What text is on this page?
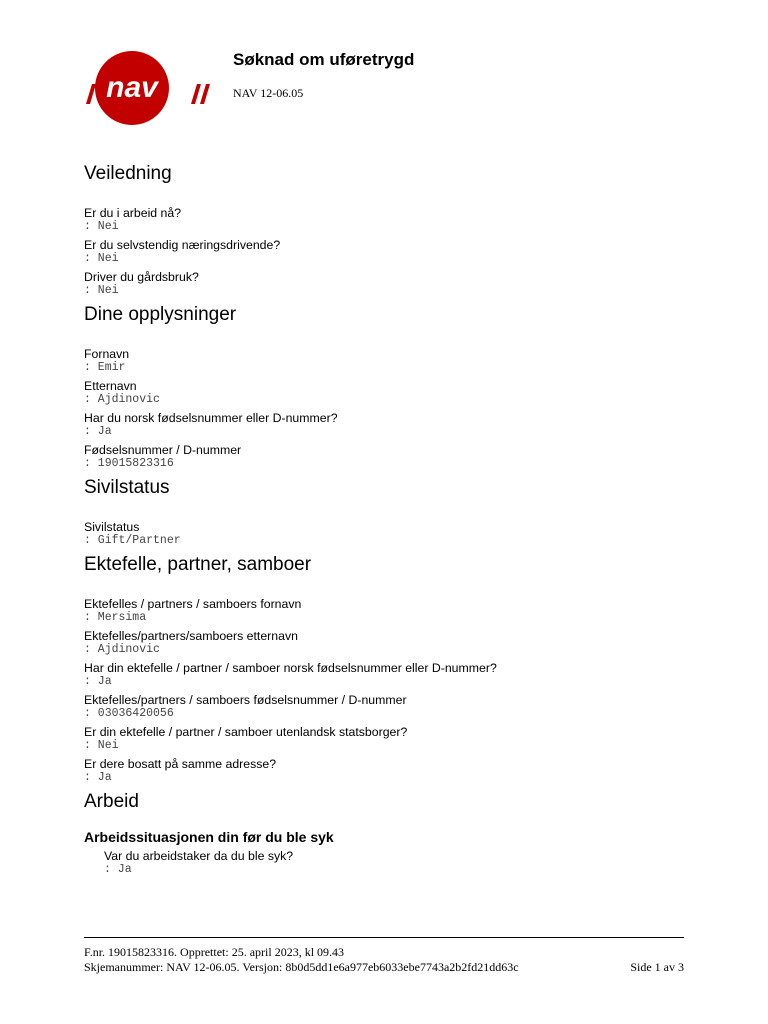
nav
Søknad om uføretrygd
NAV 12-06.05
Veiledning
Er du i arbeid nå?
: Nei
Er du selvstendig næringsdrivende?
: Nei
Driver du gårdsbruk?
: Nei
Dine opplysninger
Fornavn
: Emir
Etternavn
: Ajdinovic
Har du norsk fødselsnummer eller D-nummer?
: Ja
Fødselsnummer / D-nummer
: 19015823316
Sivilstatus
Sivilstatus
: Gift/Partner
Ektefelle, partner, samboer
Ektefelles / partners / samboers fornavn
: Mersima
Ektefelles/partners/samboers etternavn
: Ajdinovic
Har din ektefelle / partner / samboer norsk fødselsnummer eller D-nummer?
: Ja
Ektefelles/partners / samboers fødselsnummer / D-nummer
: 03036420056
Er din ektefelle / partner / samboer utenlandsk statsborger?
: Nei
Er dere bosatt på samme adresse?
: Ja
Arbeid
Arbeidssituasjonen din før du ble syk
Var du arbeidstaker da du ble syk?
: Ja
F.nr. 19015823316. Opprettet: 25. april 2023, kl 09.43
Skjemanummer: NAV 12-06.05. Versjon: 8b0d5dd1e6a977eb6033ebe7743a2b2fd21dd63c	Side 1 av 3
